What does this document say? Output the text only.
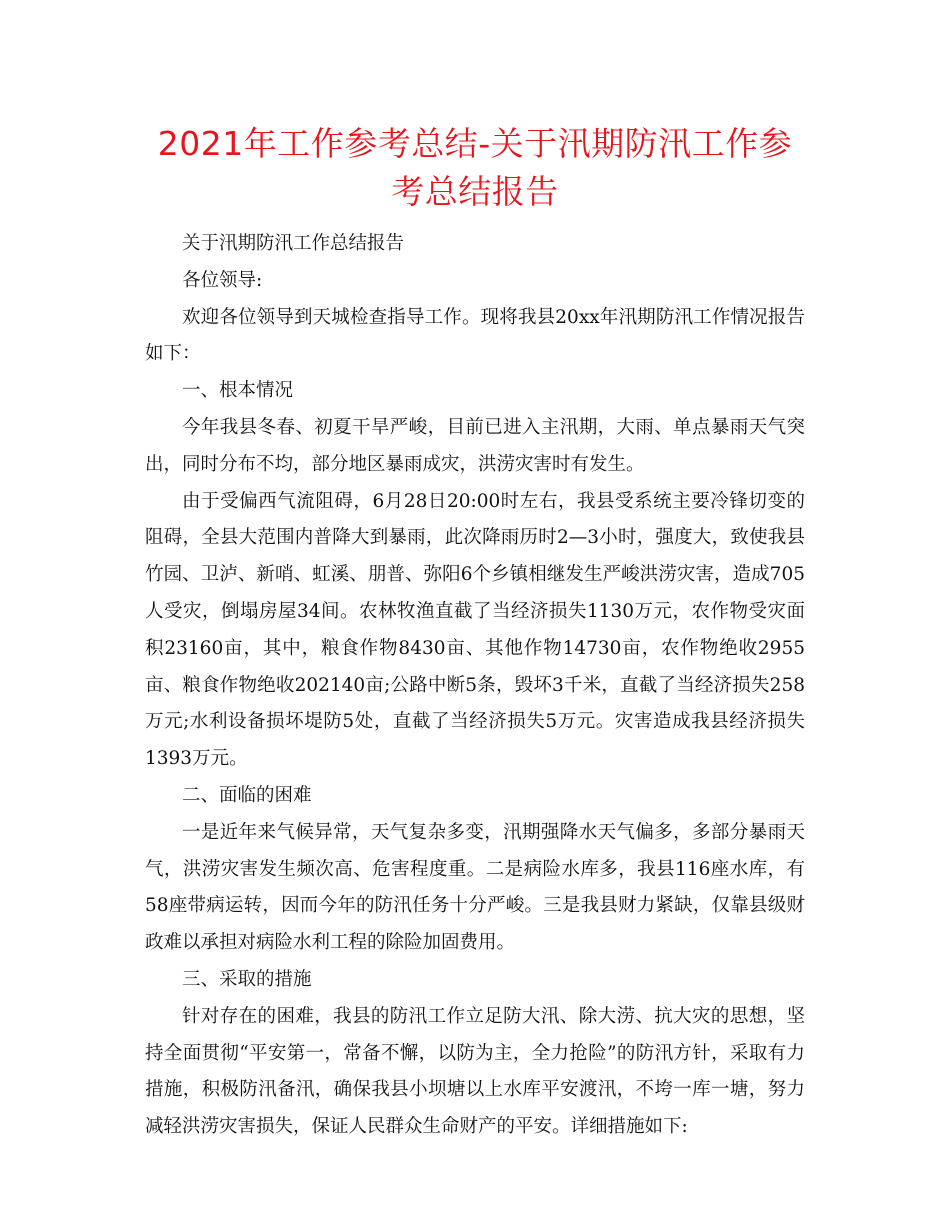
2021年工作参考总结-关于汛期防汛工作参考总结报告

关于汛期防汛工作总结报告

各位领导:

欢迎各位领导到天城检查指导工作。现将我县20xx年汛期防汛工作情况报告如下：

一、根本情况

今年我县冬春、初夏干旱严峻，目前已进入主汛期，大雨、单点暴雨天气突出，同时分布不均，部分地区暴雨成灾，洪涝灾害时有发生。

由于受偏西气流阻碍，6月28日20:00时左右，我县受系统主要冷锋切变的阻碍，全县大范围内普降大到暴雨，此次降雨历时2—3小时，强度大，致使我县竹园、卫泸、新哨、虹溪、朋普、弥阳6个乡镇相继发生严峻洪涝灾害，造成705人受灾，倒塌房屋34间。农林牧渔直截了当经济损失1130万元，农作物受灾面积23160亩，其中，粮食作物8430亩、其他作物14730亩，农作物绝收2955亩、粮食作物绝收202140亩;公路中断5条，毁坏3千米，直截了当经济损失258万元;水利设备损坏堤防5处，直截了当经济损失5万元。灾害造成我县经济损失1393万元。

二、面临的困难

一是近年来气候异常，天气复杂多变，汛期强降水天气偏多，多部分暴雨天气，洪涝灾害发生频次高、危害程度重。二是病险水库多，我县116座水库，有58座带病运转，因而今年的防汛任务十分严峻。三是我县财力紧缺，仅靠县级财政难以承担对病险水利工程的除险加固费用。

三、采取的措施

针对存在的困难，我县的防汛工作立足防大汛、除大涝、抗大灾的思想，坚持全面贯彻“平安第一，常备不懈，以防为主，全力抢险”的防汛方针，采取有力措施，积极防汛备汛，确保我县小坝塘以上水库平安渡汛，不垮一库一塘，努力减轻洪涝灾害损失，保证人民群众生命财产的平安。详细措施如下:
